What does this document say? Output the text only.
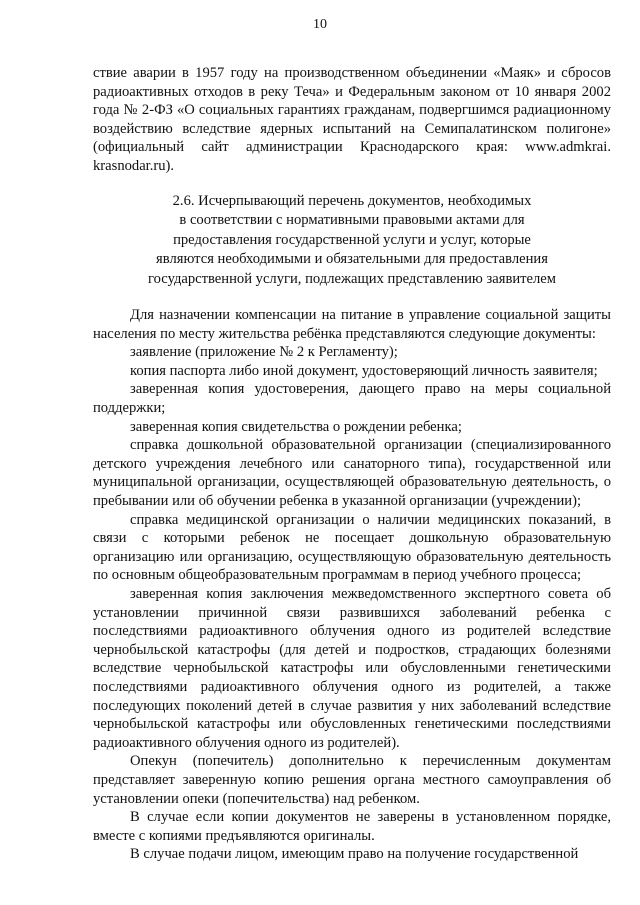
10

ствие аварии в 1957 году на производственном объединении «Маяк» и сбросов радиоактивных отходов в реку Теча» и Федеральным законом от 10 января 2002 года № 2-ФЗ «О социальных гарантиях гражданам, подвергшимся радиационному воздействию вследствие ядерных испытаний на Семипалатинском полигоне» (официальный сайт администрации Краснодарского края: www.admkrai. krasnodar.ru).

2.6. Исчерпывающий перечень документов, необходимых
в соответствии с нормативными правовыми актами для
предоставления государственной услуги и услуг, которые
являются необходимыми и обязательными для предоставления
государственной услуги, подлежащих представлению заявителем

Для назначении компенсации на питание в управление социальной защиты населения по месту жительства ребёнка представляются следующие документы:

заявление (приложение № 2 к Регламенту);

копия паспорта либо иной документ, удостоверяющий личность заявителя;

заверенная копия удостоверения, дающего право на меры социальной поддержки;

заверенная копия свидетельства о рождении ребенка;

справка дошкольной образовательной организации (специализированного детского учреждения лечебного или санаторного типа), государственной или муниципальной организации, осуществляющей образовательную деятельность, о пребывании или об обучении ребенка в указанной организации (учреждении);

справка медицинской организации о наличии медицинских показаний, в связи с которыми ребенок не посещает дошкольную образовательную организацию или организацию, осуществляющую образовательную деятельность по основным общеобразовательным программам в период учебного процесса;

заверенная копия заключения межведомственного экспертного совета об установлении причинной связи развившихся заболеваний ребенка с последствиями радиоактивного облучения одного из родителей вследствие чернобыльской катастрофы (для детей и подростков, страдающих болезнями вследствие чернобыльской катастрофы или обусловленными генетическими последствиями радиоактивного облучения одного из родителей, а также последующих поколений детей в случае развития у них заболеваний вследствие чернобыльской катастрофы или обусловленных генетическими последствиями радиоактивного облучения одного из родителей).

Опекун (попечитель) дополнительно к перечисленным документам представляет заверенную копию решения органа местного самоуправления об установлении опеки (попечительства) над ребенком.

В случае если копии документов не заверены в установленном порядке, вместе с копиями предъявляются оригиналы.

В случае подачи лицом, имеющим право на получение государственной
